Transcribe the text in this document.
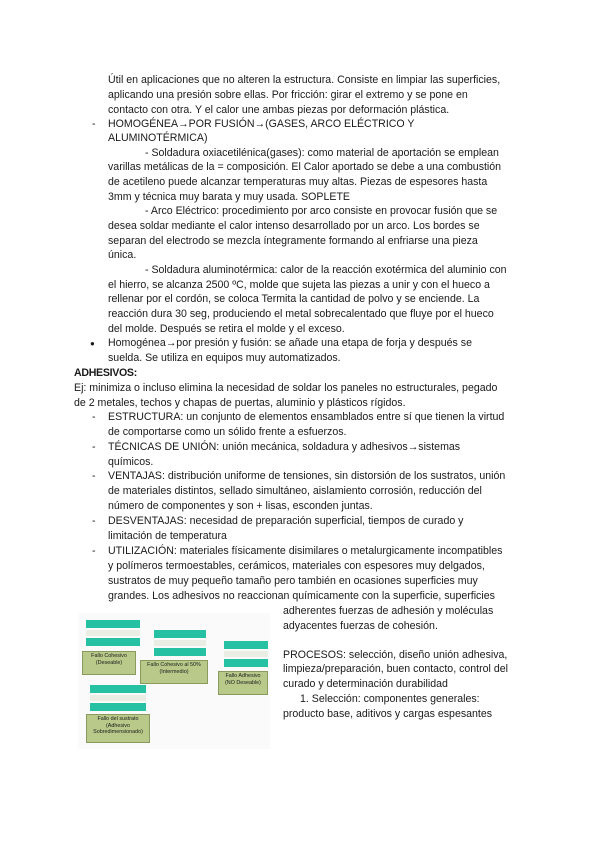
Útil en aplicaciones que no alteren la estructura. Consiste en limpiar las superficies,
aplicando una presión sobre ellas. Por fricción: girar el extremo y se pone en
contacto con otra. Y el calor une ambas piezas por deformación plástica.
- HOMOGÉNEA→POR FUSIÓN→(GASES, ARCO ELÉCTRICO Y
ALUMINOTÉRMICA)
- Soldadura oxiacetilénica(gases): como material de aportación se emplean
varillas metálicas de la = composición. El Calor aportado se debe a una combustión
de acetileno puede alcanzar temperaturas muy altas. Piezas de espesores hasta
3mm y técnica muy barata y muy usada. SOPLETE
- Arco Eléctrico: procedimiento por arco consiste en provocar fusión que se
desea soldar mediante el calor intenso desarrollado por un arco. Los bordes se
separan del electrodo se mezcla íntegramente formando al enfriarse una pieza
única.
- Soldadura aluminotérmica: calor de la reacción exotérmica del aluminio con
el hierro, se alcanza 2500 ºC, molde que sujeta las piezas a unir y con el hueco a
rellenar por el cordón, se coloca Termita la cantidad de polvo y se enciende. La
reacción dura 30 seg, produciendo el metal sobrecalentado que fluye por el hueco
del molde. Después se retira el molde y el exceso.
● Homogénea→por presión y fusión: se añade una etapa de forja y después se
suelda. Se utiliza en equipos muy automatizados.
ADHESIVOS:
Ej: minimiza o incluso elimina la necesidad de soldar los paneles no estructurales, pegado
de 2 metales, techos y chapas de puertas, aluminio y plásticos rígidos.
- ESTRUCTURA: un conjunto de elementos ensamblados entre sí que tienen la virtud
de comportarse como un sólido frente a esfuerzos.
- TÉCNICAS DE UNIÓN: unión mecánica, soldadura y adhesivos→sistemas
químicos.
- VENTAJAS: distribución uniforme de tensiones, sin distorsión de los sustratos, unión
de materiales distintos, sellado simultáneo, aislamiento corrosión, reducción del
número de componentes y son + lisas, esconden juntas.
- DESVENTAJAS: necesidad de preparación superficial, tiempos de curado y
limitación de temperatura
- UTILIZACIÓN: materiales físicamente disimilares o metalurgicamente incompatibles
y polímeros termoestables, cerámicos, materiales con espesores muy delgados,
sustratos de muy pequeño tamaño pero también en ocasiones superficies muy
grandes. Los adhesivos no reaccionan químicamente con la superficie, superficies
adherentes fuerzas de adhesión y moléculas
adyacentes fuerzas de cohesión.
PROCESOS: selección, diseño unión adhesiva,
limpieza/preparación, buen contacto, control del
curado y determinación durabilidad
1. Selección: componentes generales:
producto base, aditivos y cargas espesantes
Fallo Cohesivo
(Deseable)	Fallo Cohesivo al 50%
(Intermedio)
Fallo Adhesivo
(NO Deseable)
Fallo del sustrato
(Adhesivo
Sobredimensionado)
